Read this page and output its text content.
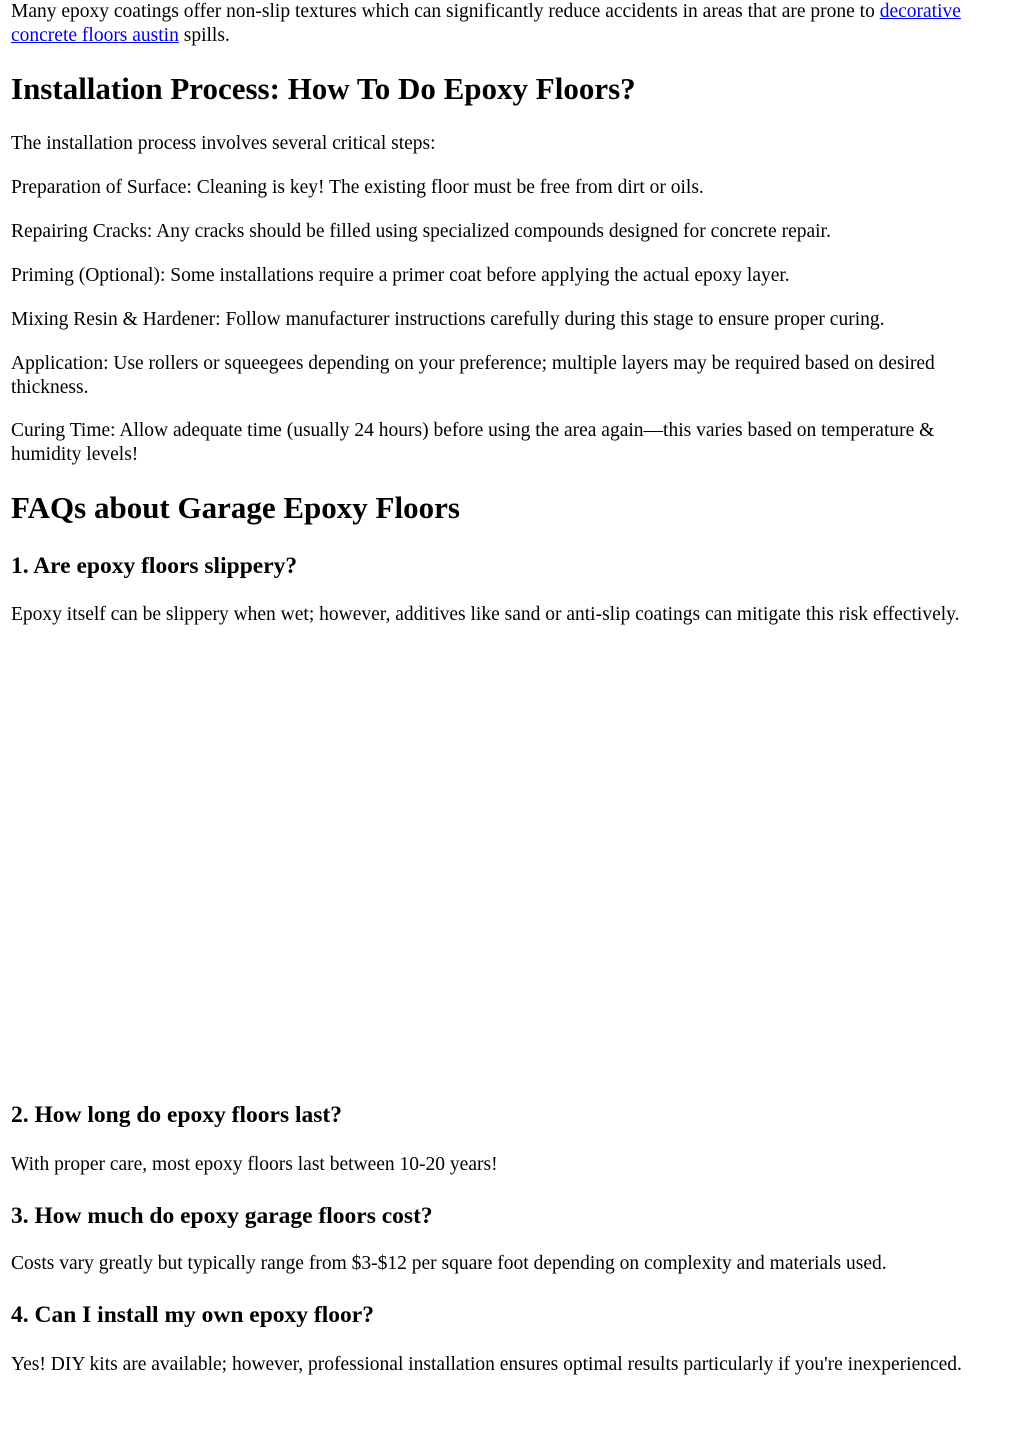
Many epoxy coatings offer non-slip textures which can significantly reduce accidents in areas that are prone to decorative concrete floors austin spills.

Installation Process: How To Do Epoxy Floors?

The installation process involves several critical steps:

Preparation of Surface: Cleaning is key! The existing floor must be free from dirt or oils.

Repairing Cracks: Any cracks should be filled using specialized compounds designed for concrete repair.

Priming (Optional): Some installations require a primer coat before applying the actual epoxy layer.

Mixing Resin & Hardener: Follow manufacturer instructions carefully during this stage to ensure proper curing.

Application: Use rollers or squeegees depending on your preference; multiple layers may be required based on desired thickness.

Curing Time: Allow adequate time (usually 24 hours) before using the area again—this varies based on temperature & humidity levels!

FAQs about Garage Epoxy Floors
1. Are epoxy floors slippery?

Epoxy itself can be slippery when wet; however, additives like sand or anti-slip coatings can mitigate this risk effectively.

2. How long do epoxy floors last?

With proper care, most epoxy floors last between 10-20 years!

3. How much do epoxy garage floors cost?

Costs vary greatly but typically range from $3-$12 per square foot depending on complexity and materials used.

4. Can I install my own epoxy floor?

Yes! DIY kits are available; however, professional installation ensures optimal results particularly if you're inexperienced.
